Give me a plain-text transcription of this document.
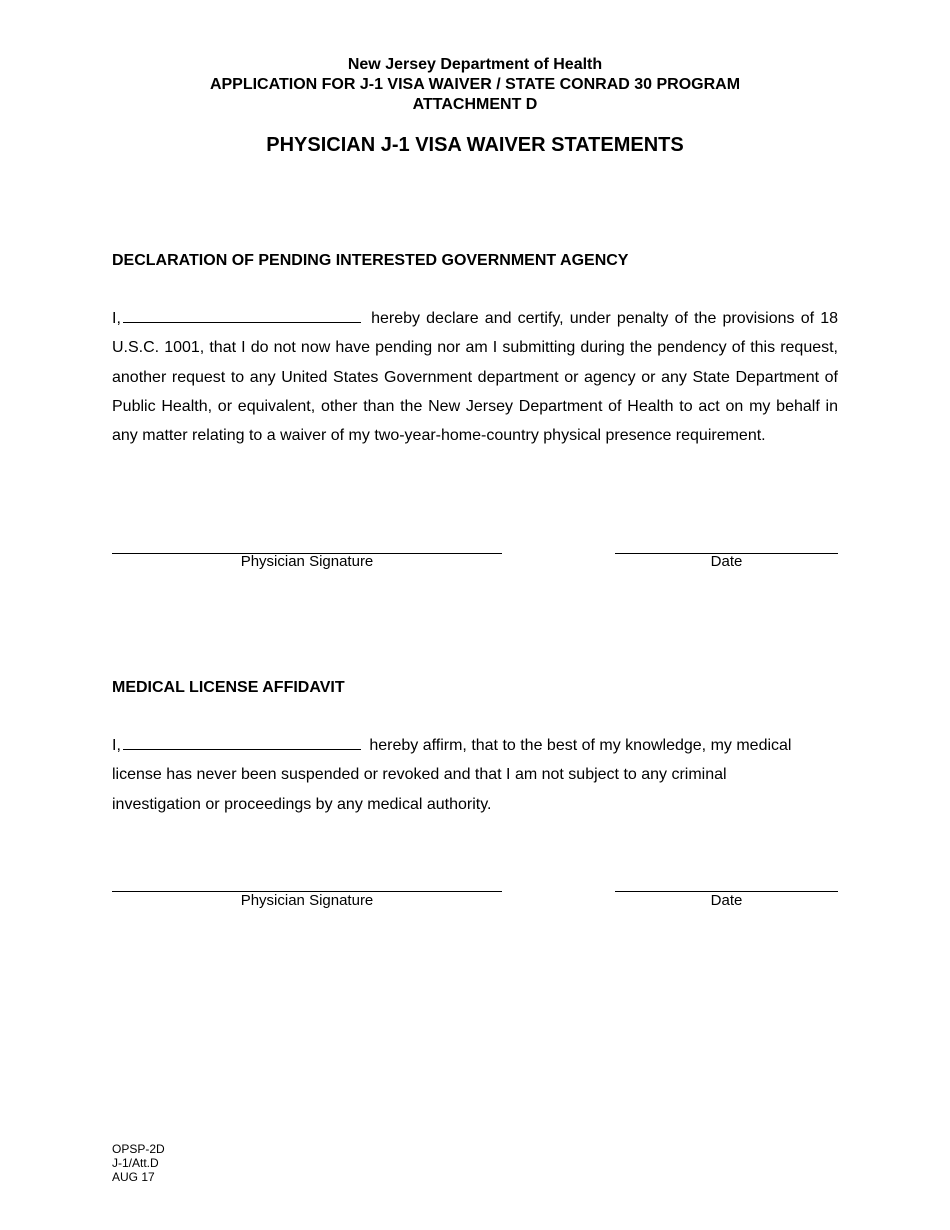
New Jersey Department of Health
APPLICATION FOR J-1 VISA WAIVER / STATE CONRAD 30 PROGRAM
ATTACHMENT D
PHYSICIAN J-1 VISA WAIVER STATEMENTS
DECLARATION OF PENDING INTERESTED GOVERNMENT AGENCY
I,	hereby declare and certify, under penalty of the provisions of 18 U.S.C. 1001, that I do not now have pending nor am I submitting during the pendency of this request, another request to any United States Government department or agency or any State Department of Public Health, or equivalent, other than the New Jersey Department of Health to act on my behalf in any matter relating to a waiver of my two-year-home-country physical presence requirement.
Physician Signature	Date
MEDICAL LICENSE AFFIDAVIT
I,	hereby affirm, that to the best of my knowledge, my medical
license has never been suspended or revoked and that I am not subject to any criminal
investigation or proceedings by any medical authority.
Physician Signature	Date
OPSP-2D
J-1/Att.D
AUG 17
